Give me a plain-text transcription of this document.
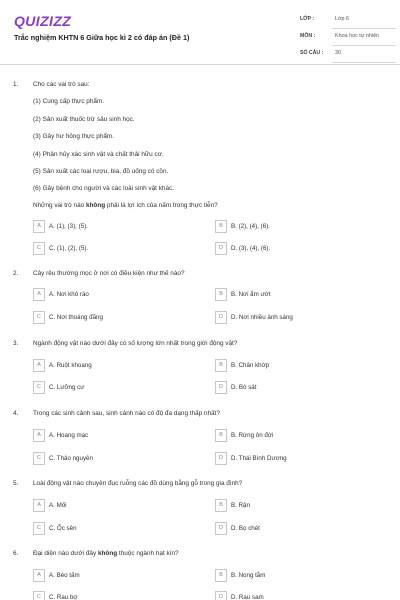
QUIZIZZ
Trắc nghiệm KHTN 6 Giữa học kì 2 có đáp án (Đề 1)
LỚP :	Lớp 6
MÔN :	Khoa học tự nhiên
SỐ CÂU : 30
1. Cho các vai trò sau:
(1) Cung cấp thực phẩm.
(2) Sản xuất thuốc trừ sâu sinh học.
(3) Gây hư hỏng thực phẩm.
(4) Phân hủy xác sinh vật và chất thải hữu cơ.
(5) Sản xuất các loại rượu, bia, đồ uống có cồn.
(6) Gây bệnh cho người và các loài sinh vật khác.
Những vai trò nào không phải là lợi ích của nấm trong thực tiễn?
A	A. (1), (3), (5).	B	B. (2), (4), (6).
C	C. (1), (2), (5).	D	D. (3), (4), (6).
2. Cây rêu thường mọc ở nơi có điều kiện như thế nào?
A	A. Nơi khô ráo	B	B. Nơi ẩm ướt
C	C. Nơi thoáng đãng	D	D. Nơi nhiều ánh sáng
3. Ngành động vật nào dưới đây có số lượng lớn nhất trong giới động vật?
A	A. Ruột khoang	B	B. Chân khớp
C	C. Lưỡng cư	D	D. Bò sát
4. Trong các sinh cảnh sau, sinh cảnh nào có độ đa dạng thấp nhất?
A	A. Hoang mạc	B	B. Rừng ôn đới
C	C. Thảo nguyên	D	D. Thái Bình Dương
5. Loài động vật nào chuyên đục ruỗng các đồ dùng bằng gỗ trong gia đình?
A	A. Mối	B	B. Rận
C	C. Ốc sên	D	D. Bọ chét
6. Đại diện nào dưới đây không thuộc ngành hạt kín?
A	A. Bèo tấm	B	B. Nong tằm
C	C. Rau bợ	D	D. Rau sam
